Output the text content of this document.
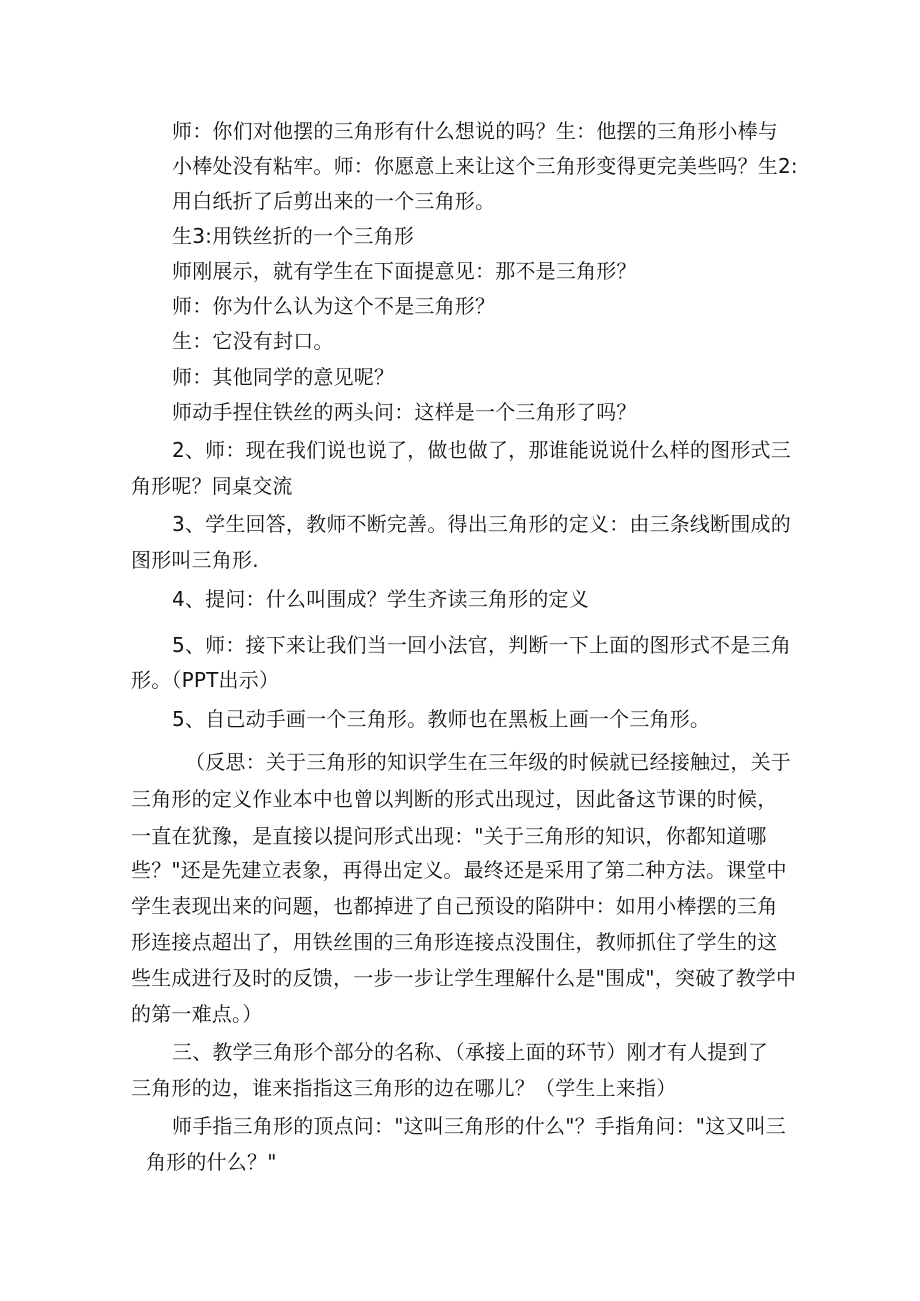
师：你们对他摆的三角形有什么想说的吗？生：他摆的三角形小棒与

小棒处没有粘牢。师：你愿意上来让这个三角形变得更完美些吗？生2:

用白纸折了后剪出来的一个三角形。

生3:用铁丝折的一个三角形

师刚展示，就有学生在下面提意见：那不是三角形？

师：你为什么认为这个不是三角形？

生：它没有封口。

师：其他同学的意见呢？

师动手捏住铁丝的两头问：这样是一个三角形了吗？

2、师：现在我们说也说了，做也做了，那谁能说说什么样的图形式三

角形呢？同桌交流

3、学生回答，教师不断完善。得出三角形的定义：由三条线断围成的

图形叫三角形.

4、提问：什么叫围成？学生齐读三角形的定义

5、师：接下来让我们当一回小法官，判断一下上面的图形式不是三角

形。（PPT出示）

5、自己动手画一个三角形。教师也在黑板上画一个三角形。

（反思：关于三角形的知识学生在三年级的时候就已经接触过，关于

三角形的定义作业本中也曾以判断的形式出现过，因此备这节课的时候，

一直在犹豫，是直接以提问形式出现："关于三角形的知识，你都知道哪

些？"还是先建立表象，再得出定义。最终还是采用了第二种方法。课堂中

学生表现出来的问题，也都掉进了自己预设的陷阱中：如用小棒摆的三角

形连接点超出了，用铁丝围的三角形连接点没围住，教师抓住了学生的这

些生成进行及时的反馈，一步一步让学生理解什么是"围成"，突破了教学中

的第一难点。）

三、教学三角形个部分的名称、（承接上面的环节）刚才有人提到了

三角形的边，谁来指指这三角形的边在哪儿？（学生上来指）

师手指三角形的顶点问："这叫三角形的什么"？手指角问："这又叫三

角形的什么？"
